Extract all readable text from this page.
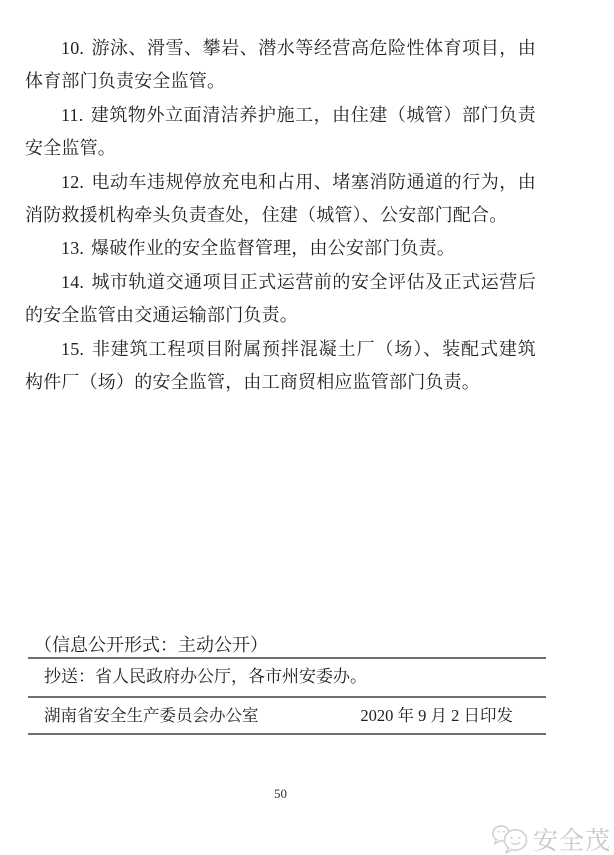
10. 游泳、滑雪、攀岩、潜水等经营高危险性体育项目，由体育部门负责安全监管。

11. 建筑物外立面清洁养护施工，由住建（城管）部门负责安全监管。

12. 电动车违规停放充电和占用、堵塞消防通道的行为，由消防救援机构牵头负责查处，住建（城管）、公安部门配合。

13. 爆破作业的安全监督管理，由公安部门负责。

14. 城市轨道交通项目正式运营前的安全评估及正式运营后的安全监管由交通运输部门负责。

15. 非建筑工程项目附属预拌混凝土厂（场）、装配式建筑构件厂（场）的安全监管，由工商贸相应监管部门负责。

（信息公开形式：主动公开）
抄送：省人民政府办公厅，各市州安委办。
湖南省安全生产委员会办公室	2020 年 9 月 2 日印发
50
安全茂
